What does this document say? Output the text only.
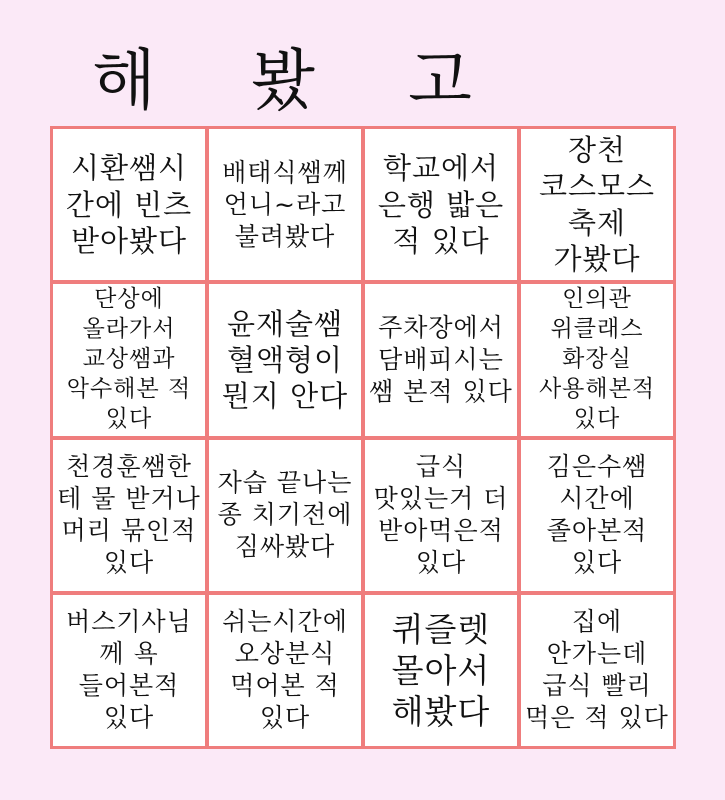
해 봤 고
시환쌤시간에 빈츠 받아봤다
배태식쌤께 언니~라고 불려봤다
학교에서 은행 밟은 적 있다
장천 코스모스 축제 가봤다
단상에 올라가서 교상쌤과 악수해본 적 있다
윤재술쌤 혈액형이 뭔지 안다
주차장에서 담배피시는 쌤 본적 있다
인의관 위클래스 화장실 사용해본적 있다
천경훈쌤한테 물 받거나 머리 묶인적 있다
자습 끝나는 종 치기전에 짐싸봤다
급식 맛있는거 더 받아먹은적 있다
김은수쌤 시간에 졸아본적 있다
버스기사님께 욕 들어본적 있다
쉬는시간에 오상분식 먹어본 적 있다
퀴즐렛 몰아서 해봤다
집에 안가는데 급식 빨리 먹은 적 있다
